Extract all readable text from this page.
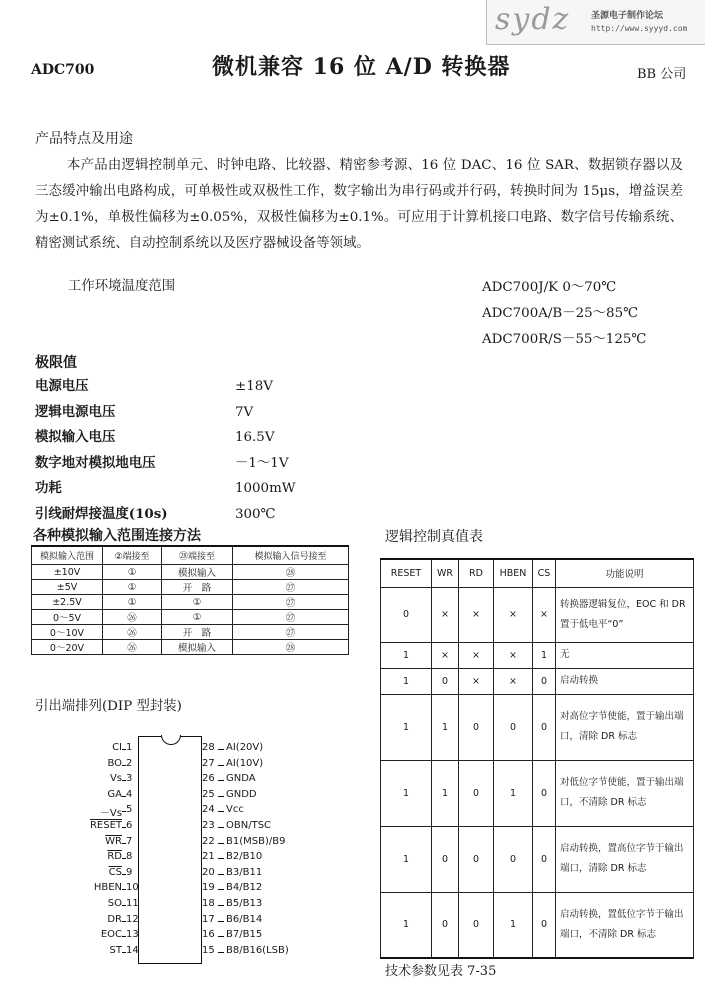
sydz 圣源电子制作论坛
http://www.syyyd.com
ADC700	微机兼容 16 位 A/D 转换器	BB 公司
产品特点及用途
本产品由逻辑控制单元、时钟电路、比较器、精密参考源、16 位 DAC、16 位 SAR、数据锁存器以及三态缓冲输出电路构成，可单极性或双极性工作，数字输出为串行码或并行码，转换时间为 15μs，增益误差为±0.1%，单极性偏移为±0.05%，双极性偏移为±0.1%。可应用于计算机接口电路、数字信号传输系统、精密测试系统、自动控制系统以及医疗器械设备等领域。
工作环境温度范围	ADC700J/K 0～70℃
ADC700A/B－25～85℃
ADC700R/S－55～125℃
极限值
电源电压	±18V
逻辑电源电压	7V
模拟输入电压	16.5V
数字地对模拟地电压	－1～1V
功耗	1000mW
引线耐焊接温度(10s)	300℃
各种模拟输入范围连接方法
模拟输入范围	②端接至	㉘端接至	模拟输入信号接至
±10V	①	模拟输入	㉘
±5V	①	开　路	㉗
±2.5V	①	①	㉗
0～5V	㉖	①	㉗
0～10V	㉖	开　路	㉗
0～20V	㉖	模拟输入	㉘
引出端排列(DIP 型封装)
CI 1
BO 2
Vs 3
GA 4
－Vs 5
RESET 6
$\overline{WR}$ 7
$\overline{RD}$ 8
$\overline{CS}$ 9
HBEN 10
SO 11
DR 12
EOC 13
ST 14
28 AI(20V)
27 AI(10V)
26 GNDA
25 GNDD
24 Vcc
23 OBN/TSC
22 B1(MSB)/B9
21 B2/B10
20 B3/B11
19 B4/B12
18 B5/B13
17 B6/B14
16 B7/B15
15 B8/B16(LSB)
逻辑控制真值表
RESET	WR	RD	HBEN	CS	功能说明
0	×	×	×	×	转换器逻辑复位，EOC 和 DR 置于低电平“0”
1	×	×	×	1	无
1	0	×	×	0	启动转换
1	1	0	0	0	对高位字节使能，置于输出端口，清除 DR 标志
1	1	0	1	0	对低位字节使能，置于输出端口，不清除 DR 标志
1	0	0	0	0	启动转换，置高位字节于输出端口，清除 DR 标志
1	0	0	1	0	启动转换，置低位字节于输出端口，不清除 DR 标志
技术参数见表 7-35
